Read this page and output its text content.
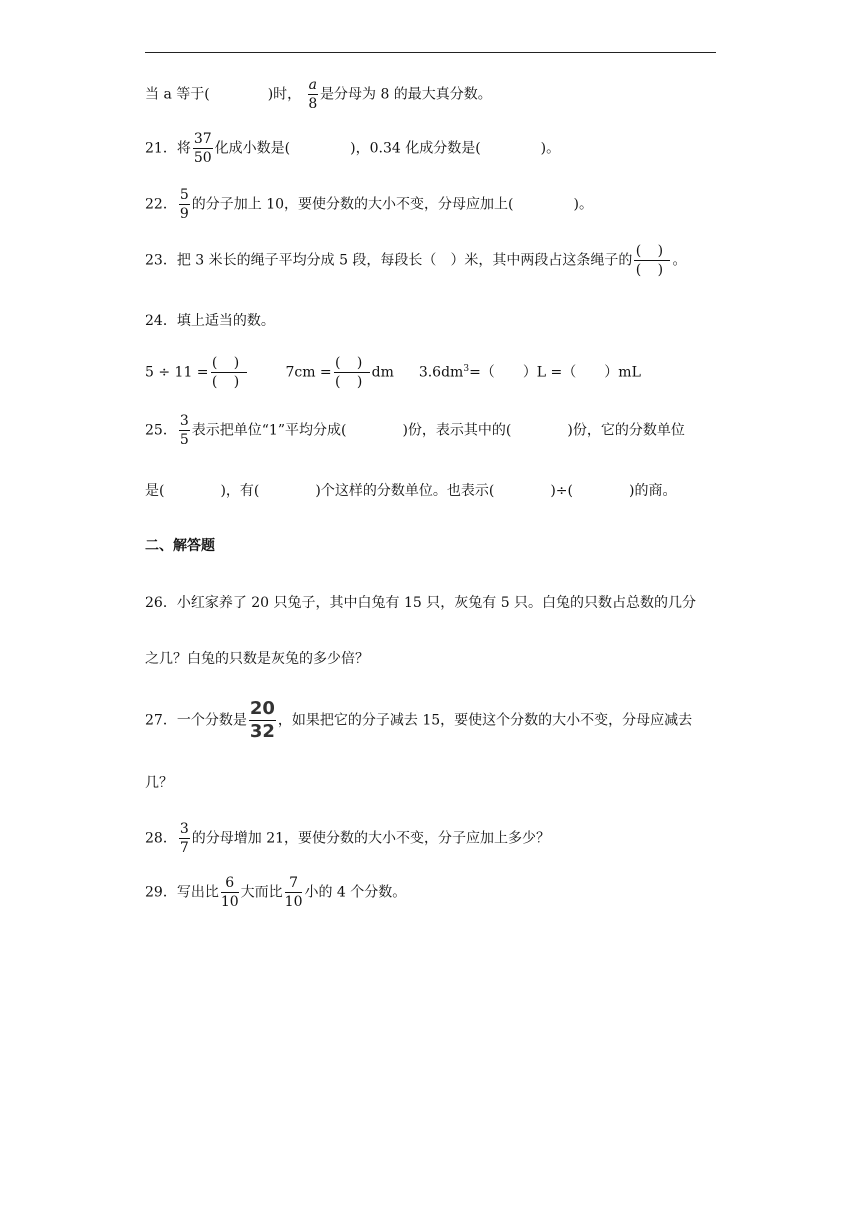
当 a 等于(	)时， $\frac{a}{8}$ 是分母为 8 的最大真分数。
21．将 $\frac{37}{50}$ 化成小数是(	)，0.34 化成分数是(	)。
22． $\frac{5}{9}$ 的分子加上 10，要使分数的大小不变，分母应加上(	)。
23．把 3 米长的绳子平均分成 5 段，每段长（ ）米，其中两段占这条绳子的 $\frac{( )}{( )}$ 。
24．填上适当的数。
$5 \div 11 = \frac{( )}{( )}$	$7cm = \frac{( )}{( )}$ dm $3.6dm^3=$（ ）L =（ ）mL
25． $\frac{3}{5}$ 表示把单位“1”平均分成(	)份，表示其中的(	)份，它的分数单位
是(	)，有(	)个这样的分数单位。也表示(	)÷(	)的商。
二、解答题
26．小红家养了 20 只兔子，其中白兔有 15 只，灰兔有 5 只。白兔的只数占总数的几分
之几？白兔的只数是灰兔的多少倍？
27．一个分数是 $\frac{20}{32}$ ，如果把它的分子减去 15，要使这个分数的大小不变，分母应减去
几？
28． $\frac{3}{7}$ 的分母增加 21，要使分数的大小不变，分子应加上多少？
29．写出比 $\frac{6}{10}$ 大而比 $\frac{7}{10}$ 小的 4 个分数。
